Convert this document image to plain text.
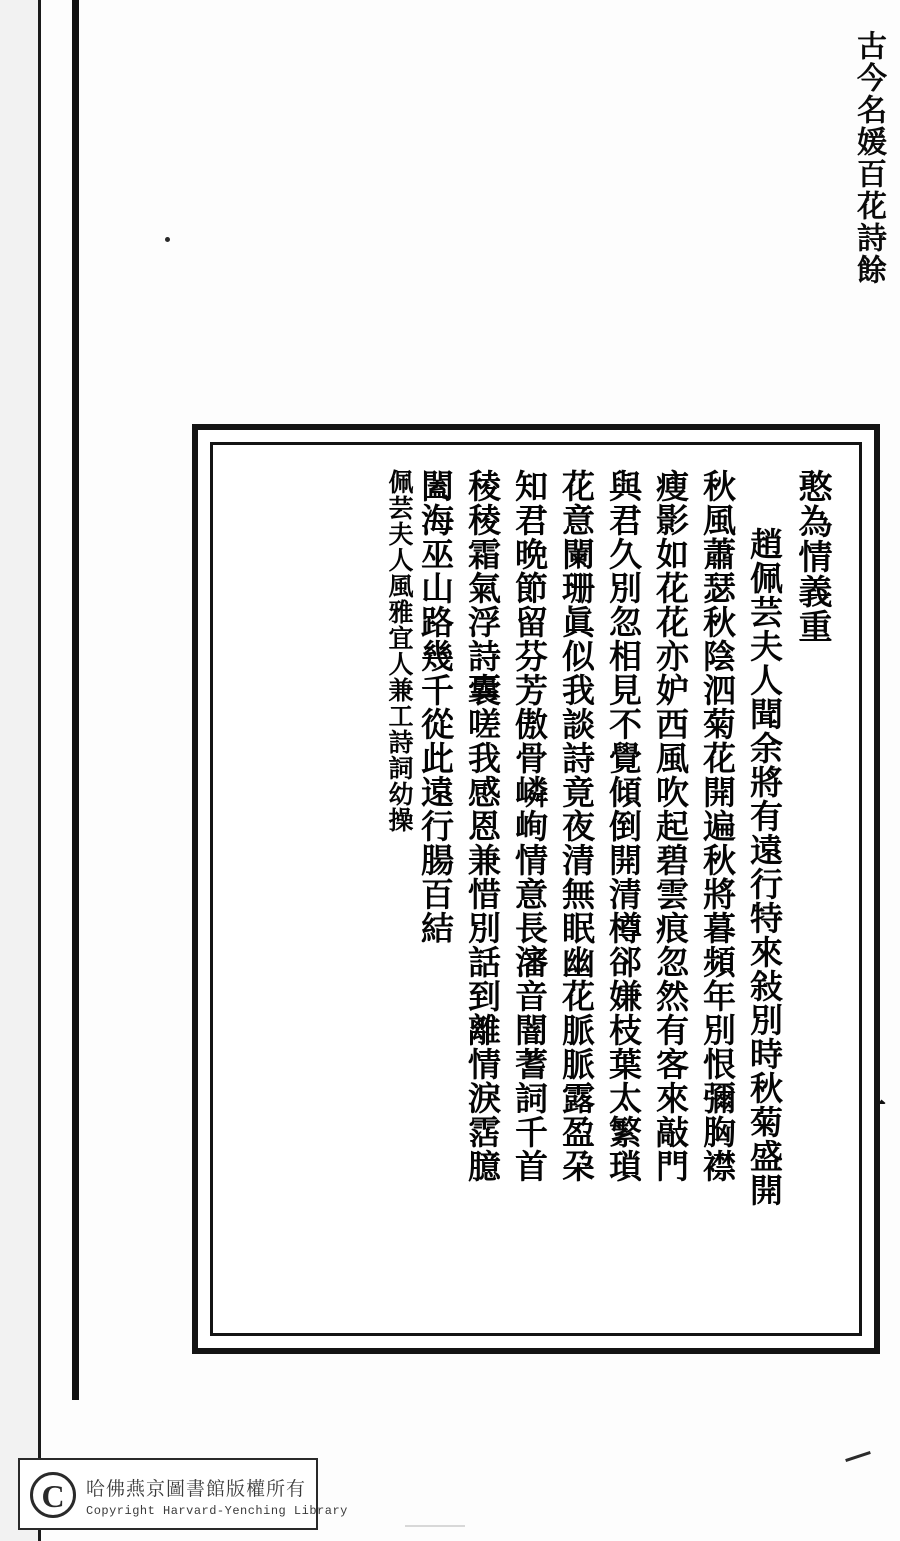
古今名媛百花詩餘
憨為情義重
趙佩芸夫人聞余將有遠行特來敍別時秋菊盛開
秋風蕭瑟秋陰泗菊花開遍秋將暮頻年別恨彌胸襟
瘦影如花花亦妒西風吹起碧雲痕忽然有客來敲門
與君久別忽相見不覺傾倒開清樽郤嫌枝葉太繁瑣
花意闌珊眞似我談詩竟夜清無眠幽花脈脈露盈朶
知君晩節留芬芳傲骨嶙峋情意長瀋音闇蓍詞千首
稜稜霜氣浮詩囊嗟我感恩兼惜別話到離情淚霑臆
闔海巫山路幾千從此遠行腸百結
佩芸夫人風雅宜人兼工詩詞幼操
C	哈佛燕京圖書館版權所有
Copyright Harvard-Yenching Library
